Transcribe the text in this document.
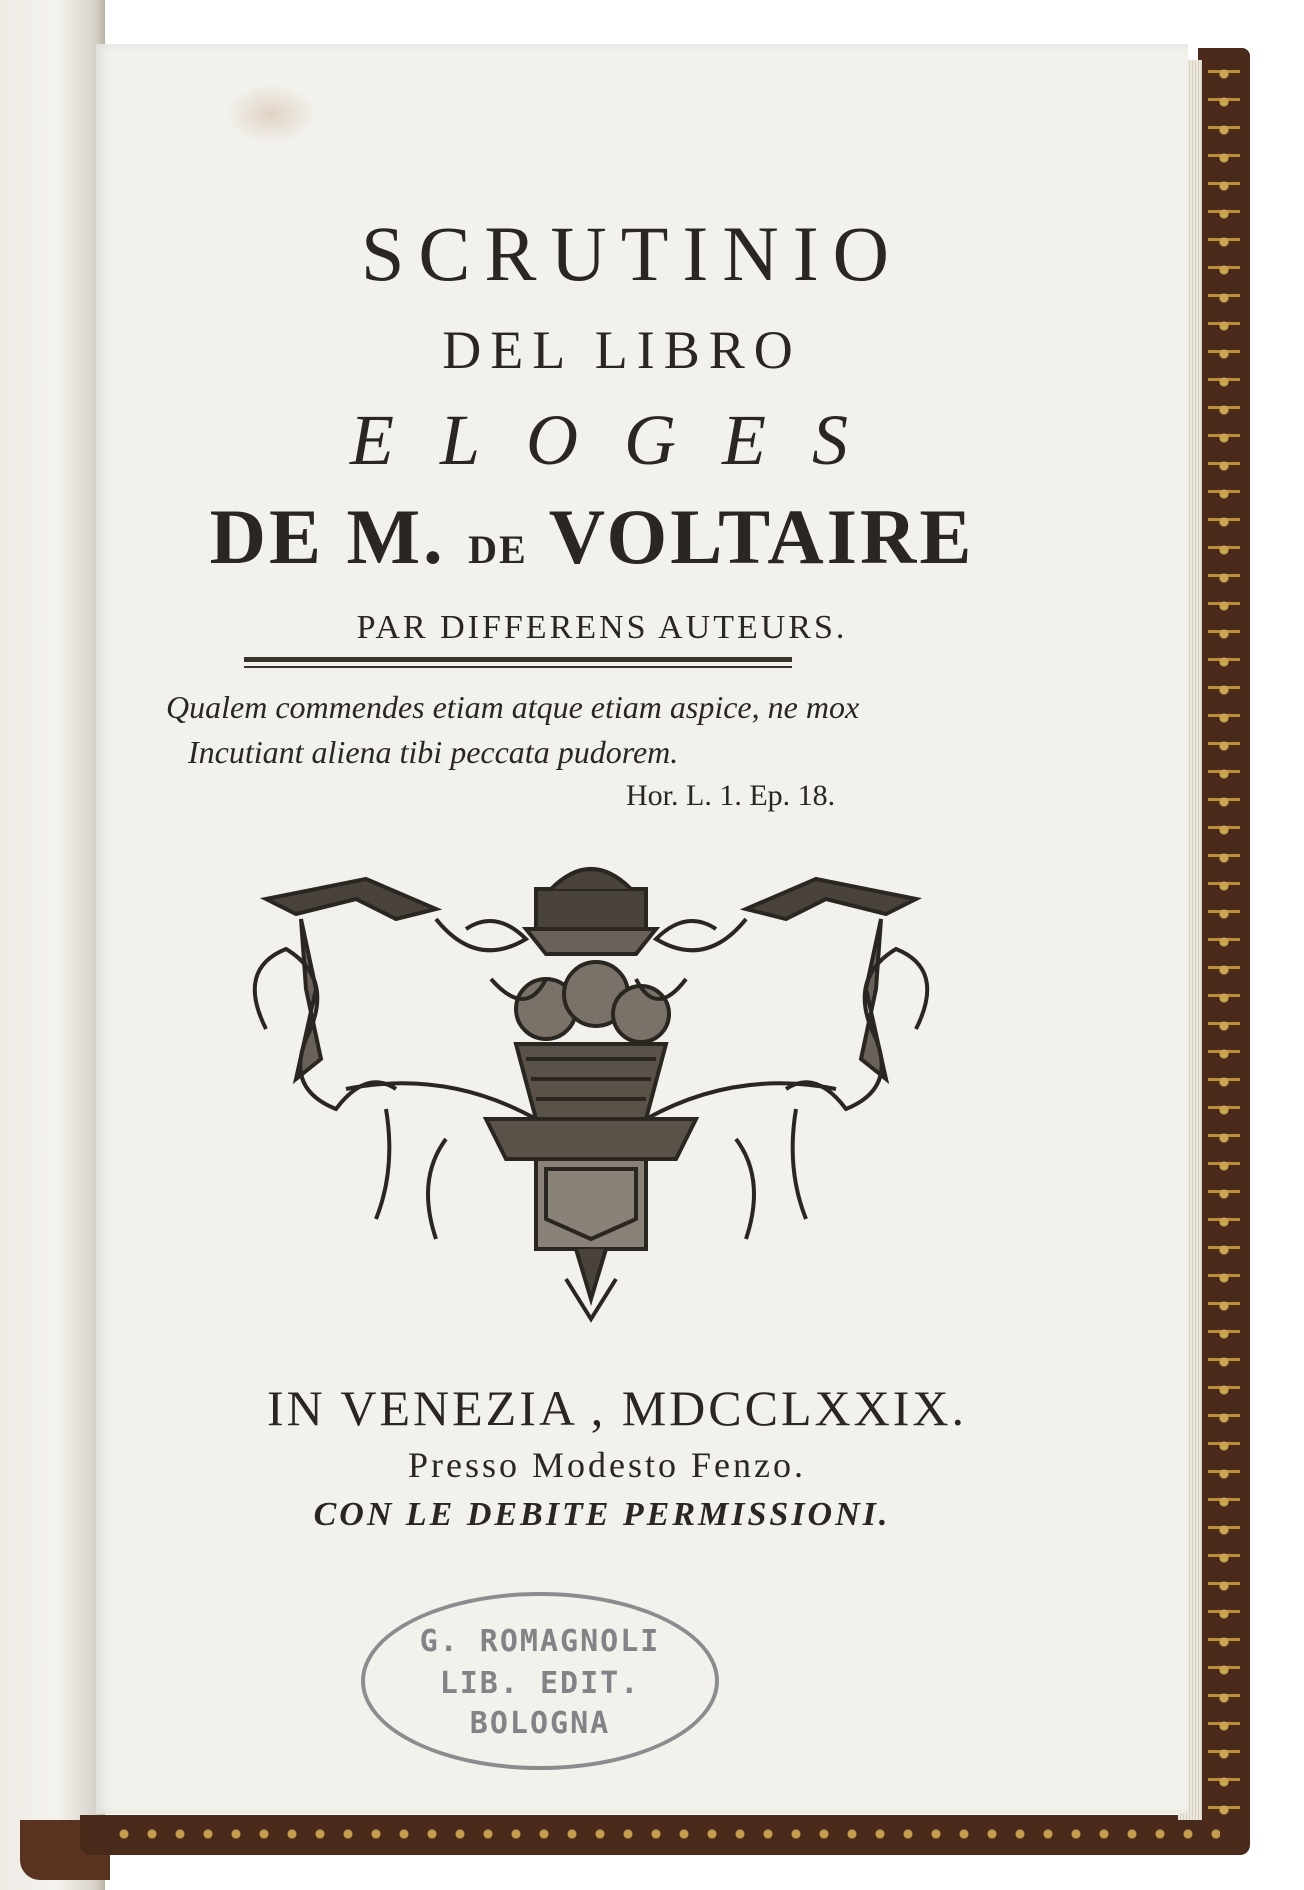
SCRUTINIO
DEL LIBRO
ELOGES
DE M. DE VOLTAIRE
PAR DIFFERENS AUTEURS.
Qualem commendes etiam atque etiam aspice, ne mox
Incutiant aliena tibi peccata pudorem.
Hor. L. 1. Ep. 18.
IN VENEZIA , MDCCLXXIX.
Presso Modesto Fenzo.
CON LE DEBITE PERMISSIONI.
G. ROMAGNOLI
LIB. EDIT.
BOLOGNA
